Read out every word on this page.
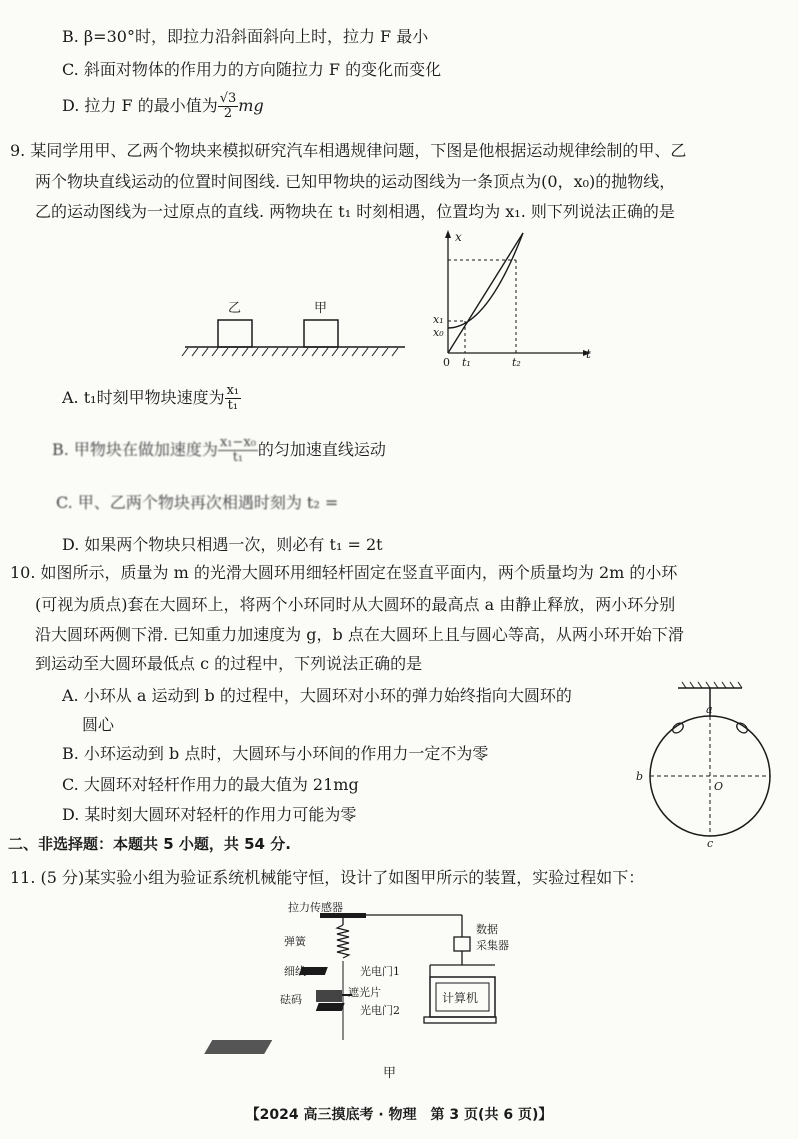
B. β=30°时，即拉力沿斜面斜向上时，拉力 F 最小
C. 斜面对物体的作用力的方向随拉力 F 的变化而变化
D. 拉力 F 的最小值为 $\frac{√3}{2}$ mg
9. 某同学用甲、乙两个物块来模拟研究汽车相遇规律问题，下图是他根据运动规律绘制的甲、乙
两个物块直线运动的位置时间图线. 已知甲物块的运动图线为一条顶点为(0，x₀)的抛物线，
乙的运动图线为一过原点的直线. 两物块在 t₁ 时刻相遇，位置均为 x₁. 则下列说法正确的是
乙	甲
x
t
x₁
x₀
0 t₁	t₂
A. t₁时刻甲物块速度为 $\frac{\text{x₁}}{\text{t₁}}$
B. 甲物块在做加速度为 $\frac{\text{x₁−x₀}}{\text{t₁}}$ 的匀加速直线运动
C. 甲、乙两个物块再次相遇时刻为 t₂ =
D. 如果两个物块只相遇一次，则必有 t₁ = 2t
10. 如图所示，质量为 m 的光滑大圆环用细轻杆固定在竖直平面内，两个质量均为 2m 的小环
(可视为质点)套在大圆环上，将两个小环同时从大圆环的最高点 a 由静止释放，两小环分别
沿大圆环两侧下滑. 已知重力加速度为 g，b 点在大圆环上且与圆心等高，从两小环开始下滑
到运动至大圆环最低点 c 的过程中，下列说法正确的是
A. 小环从 a 运动到 b 的过程中，大圆环对小环的弹力始终指向大圆环的
圆心
B. 小环运动到 b 点时，大圆环与小环间的作用力一定不为零
C. 大圆环对轻杆作用力的最大值为 21mg
D. 某时刻大圆环对轻杆的作用力可能为零
a
b
c
O
二、非选择题：本题共 5 小题，共 54 分.
11. (5 分)某实验小组为验证系统机械能守恒，设计了如图甲所示的装置，实验过程如下：
拉力传感器
弹簧
细线
砝码
光电门1
遮光片
光电门2
数据
采集器
计算机
甲
【2024 高三摸底考 · 物理　第 3 页(共 6 页)】
